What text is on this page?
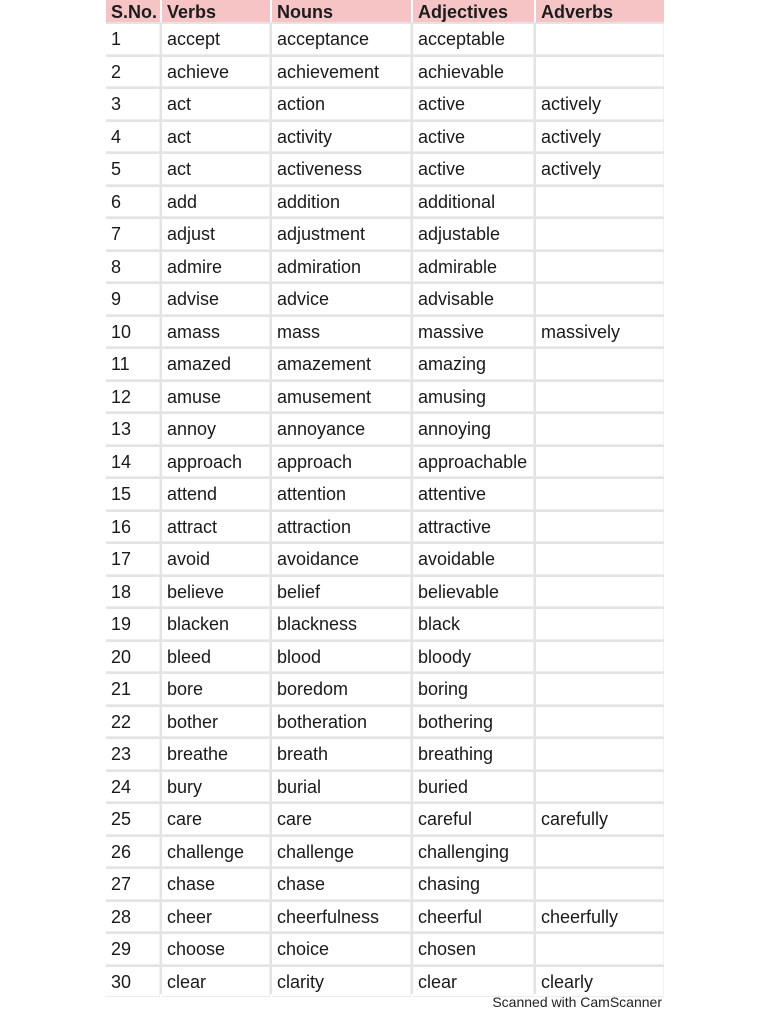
S.No.	Verbs	Nouns	Adjectives	Adverbs
1	accept	acceptance	acceptable	
2	achieve	achievement	achievable	
3	act	action	active	actively
4	act	activity	active	actively
5	act	activeness	active	actively
6	add	addition	additional	
7	adjust	adjustment	adjustable	
8	admire	admiration	admirable	
9	advise	advice	advisable	
10	amass	mass	massive	massively
11	amazed	amazement	amazing	
12	amuse	amusement	amusing	
13	annoy	annoyance	annoying	
14	approach	approach	approachable	
15	attend	attention	attentive	
16	attract	attraction	attractive	
17	avoid	avoidance	avoidable	
18	believe	belief	believable	
19	blacken	blackness	black	
20	bleed	blood	bloody	
21	bore	boredom	boring	
22	bother	botheration	bothering	
23	breathe	breath	breathing	
24	bury	burial	buried	
25	care	care	careful	carefully
26	challenge	challenge	challenging	
27	chase	chase	chasing	
28	cheer	cheerfulness	cheerful	cheerfully
29	choose	choice	chosen	
30	clear	clarity	clear	clearly
Scanned with CamScanner
